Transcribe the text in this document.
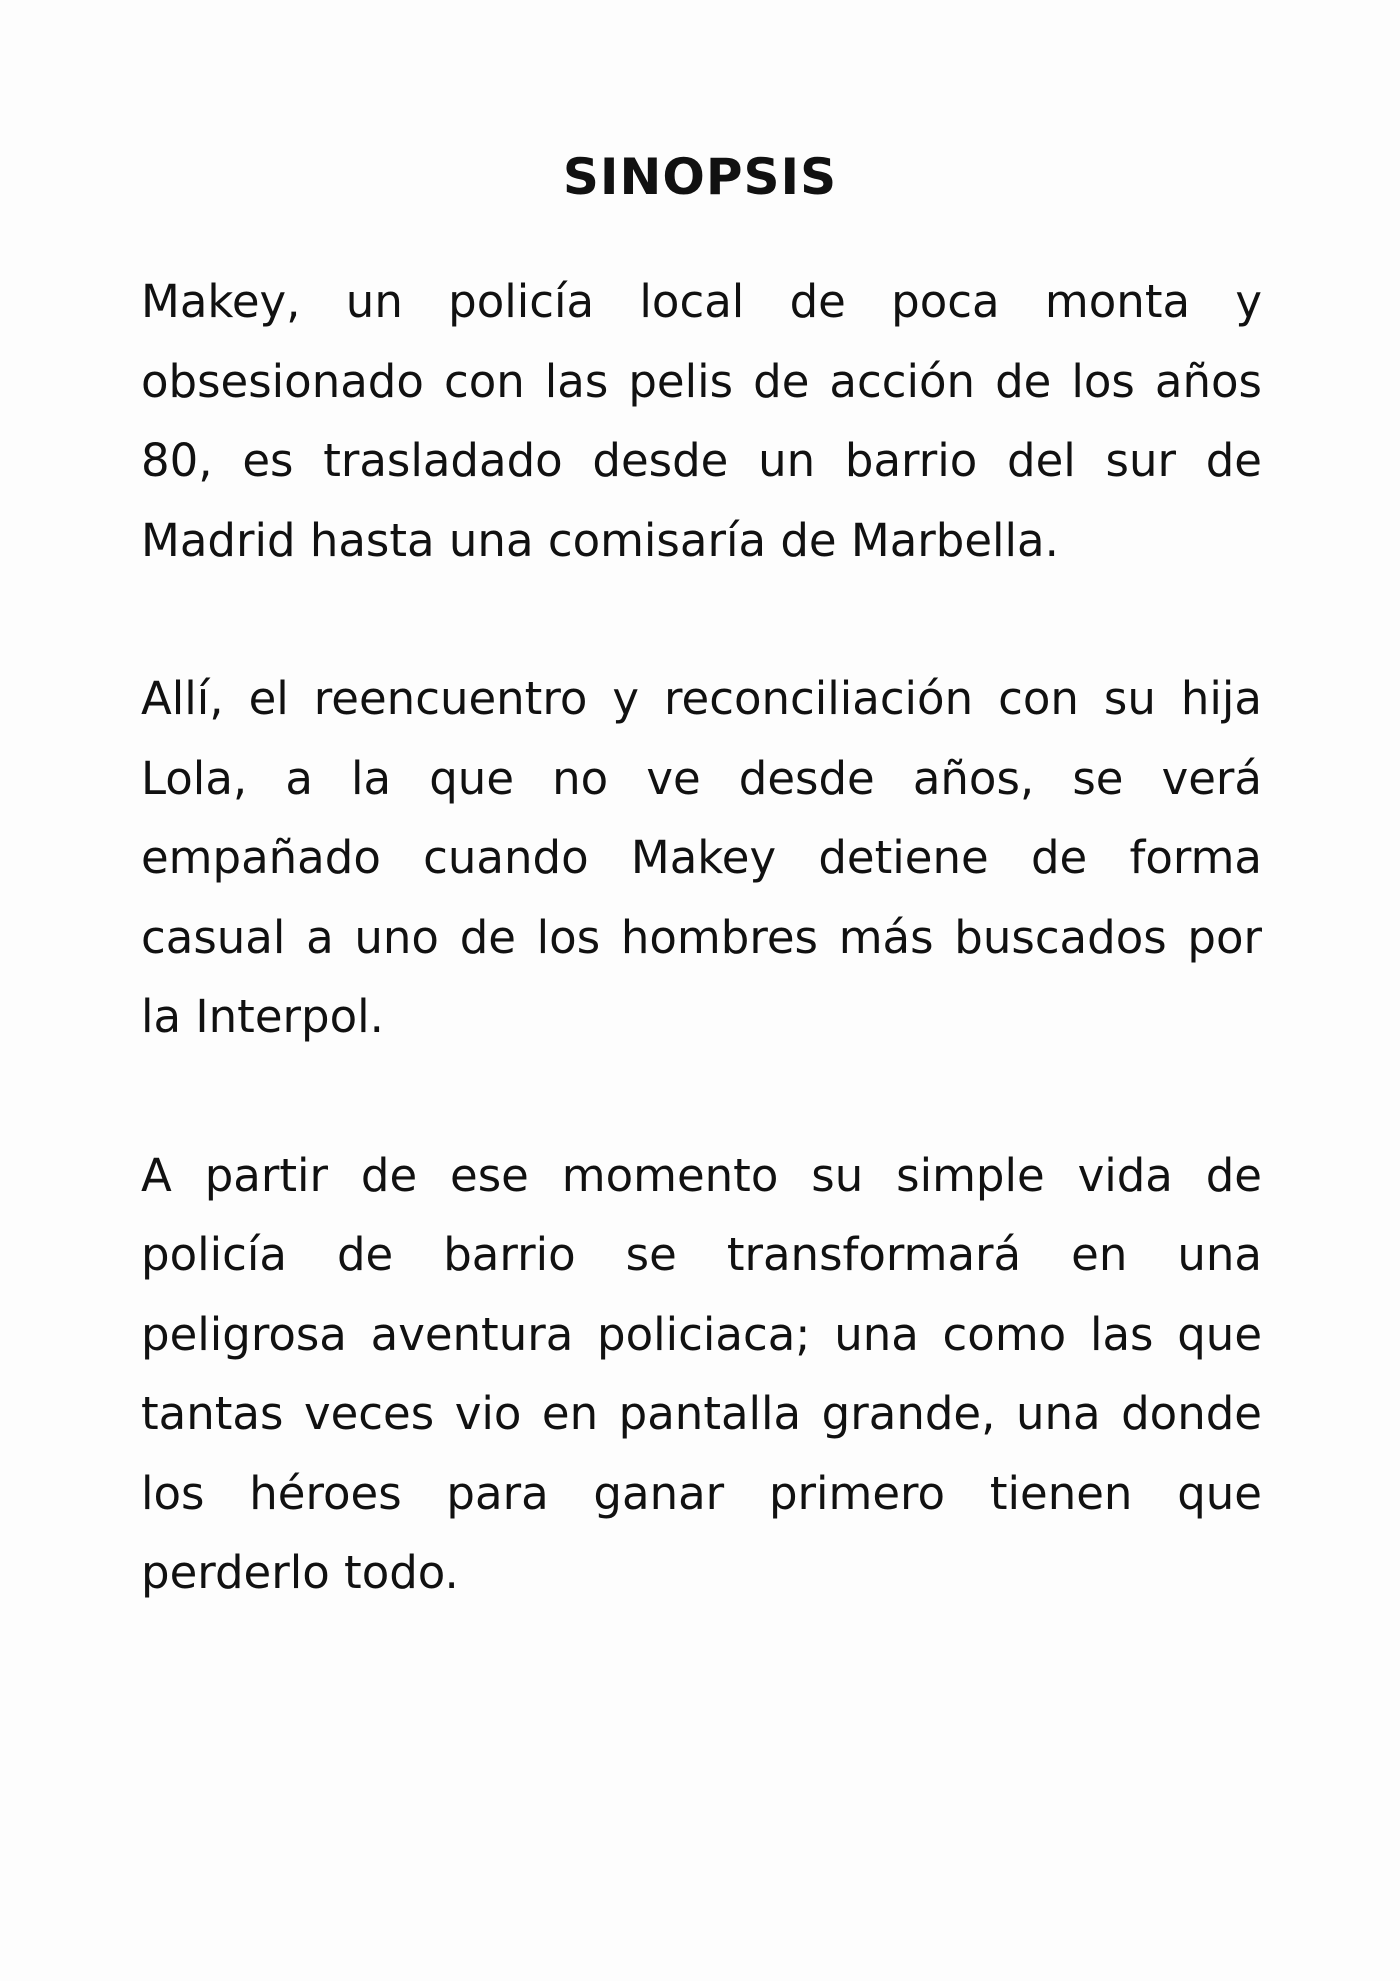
SINOPSIS

Makey, un policía local de poca monta y obsesionado con las pelis de acción de los años 80, es trasladado desde un barrio del sur de Madrid hasta una comisaría de Marbella.

Allí, el reencuentro y reconciliación con su hija Lola, a la que no ve desde años, se verá empañado cuando Makey detiene de forma casual a uno de los hombres más buscados por la Interpol.

A partir de ese momento su simple vida de policía de barrio se transformará en una peligrosa aventura policiaca; una como las que tantas veces vio en pantalla grande, una donde los héroes para ganar primero tienen que perderlo todo.
